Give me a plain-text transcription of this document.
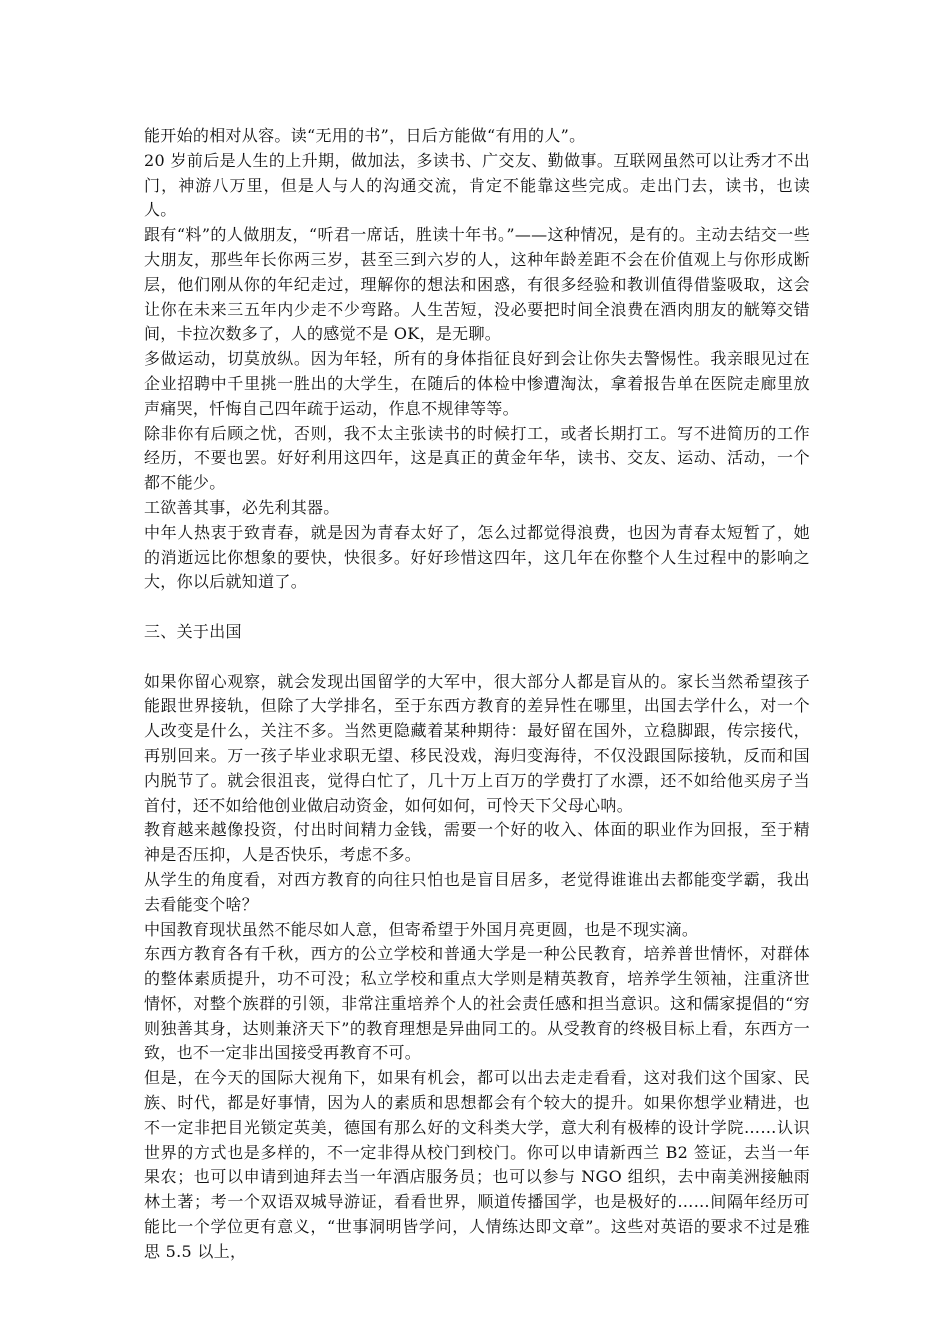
能开始的相对从容。读“无用的书”，日后方能做“有用的人”。

20 岁前后是人生的上升期，做加法，多读书、广交友、勤做事。互联网虽然可以让秀才不出门，神游八万里，但是人与人的沟通交流，肯定不能靠这些完成。走出门去，读书，也读人。

跟有“料”的人做朋友，“听君一席话，胜读十年书。”——这种情况，是有的。主动去结交一些大朋友，那些年长你两三岁，甚至三到六岁的人，这种年龄差距不会在价值观上与你形成断层，他们刚从你的年纪走过，理解你的想法和困惑，有很多经验和教训值得借鉴吸取，这会让你在未来三五年内少走不少弯路。人生苦短，没必要把时间全浪费在酒肉朋友的觥筹交错间，卡拉次数多了，人的感觉不是 OK，是无聊。

多做运动，切莫放纵。因为年轻，所有的身体指征良好到会让你失去警惕性。我亲眼见过在企业招聘中千里挑一胜出的大学生，在随后的体检中惨遭淘汰，拿着报告单在医院走廊里放声痛哭，忏悔自己四年疏于运动，作息不规律等等。

除非你有后顾之忧，否则，我不太主张读书的时候打工，或者长期打工。写不进简历的工作经历，不要也罢。好好利用这四年，这是真正的黄金年华，读书、交友、运动、活动，一个都不能少。

工欲善其事，必先利其器。

中年人热衷于致青春，就是因为青春太好了，怎么过都觉得浪费，也因为青春太短暂了，她的消逝远比你想象的要快，快很多。好好珍惜这四年，这几年在你整个人生过程中的影响之大，你以后就知道了。

三、关于出国

如果你留心观察，就会发现出国留学的大军中，很大部分人都是盲从的。家长当然希望孩子能跟世界接轨，但除了大学排名，至于东西方教育的差异性在哪里，出国去学什么，对一个人改变是什么，关注不多。当然更隐藏着某种期待：最好留在国外，立稳脚跟，传宗接代，再别回来。万一孩子毕业求职无望、移民没戏，海归变海待，不仅没跟国际接轨，反而和国内脱节了。就会很沮丧，觉得白忙了，几十万上百万的学费打了水漂，还不如给他买房子当首付，还不如给他创业做启动资金，如何如何，可怜天下父母心呐。

教育越来越像投资，付出时间精力金钱，需要一个好的收入、体面的职业作为回报，至于精神是否压抑，人是否快乐，考虑不多。

从学生的角度看，对西方教育的向往只怕也是盲目居多，老觉得谁谁出去都能变学霸，我出去看能变个啥？

中国教育现状虽然不能尽如人意，但寄希望于外国月亮更圆，也是不现实滴。

东西方教育各有千秋，西方的公立学校和普通大学是一种公民教育，培养普世情怀，对群体的整体素质提升，功不可没；私立学校和重点大学则是精英教育，培养学生领袖，注重济世情怀，对整个族群的引领，非常注重培养个人的社会责任感和担当意识。这和儒家提倡的“穷则独善其身，达则兼济天下”的教育理想是异曲同工的。从受教育的终极目标上看，东西方一致，也不一定非出国接受再教育不可。

但是，在今天的国际大视角下，如果有机会，都可以出去走走看看，这对我们这个国家、民族、时代，都是好事情，因为人的素质和思想都会有个较大的提升。如果你想学业精进，也不一定非把目光锁定英美，德国有那么好的文科类大学，意大利有极棒的设计学院……认识世界的方式也是多样的，不一定非得从校门到校门。你可以申请新西兰 B2 签证，去当一年果农；也可以申请到迪拜去当一年酒店服务员；也可以参与 NGO 组织，去中南美洲接触雨林土著；考一个双语双城导游证，看看世界，顺道传播国学，也是极好的……间隔年经历可能比一个学位更有意义，“世事洞明皆学问，人情练达即文章”。这些对英语的要求不过是雅思 5.5 以上，
